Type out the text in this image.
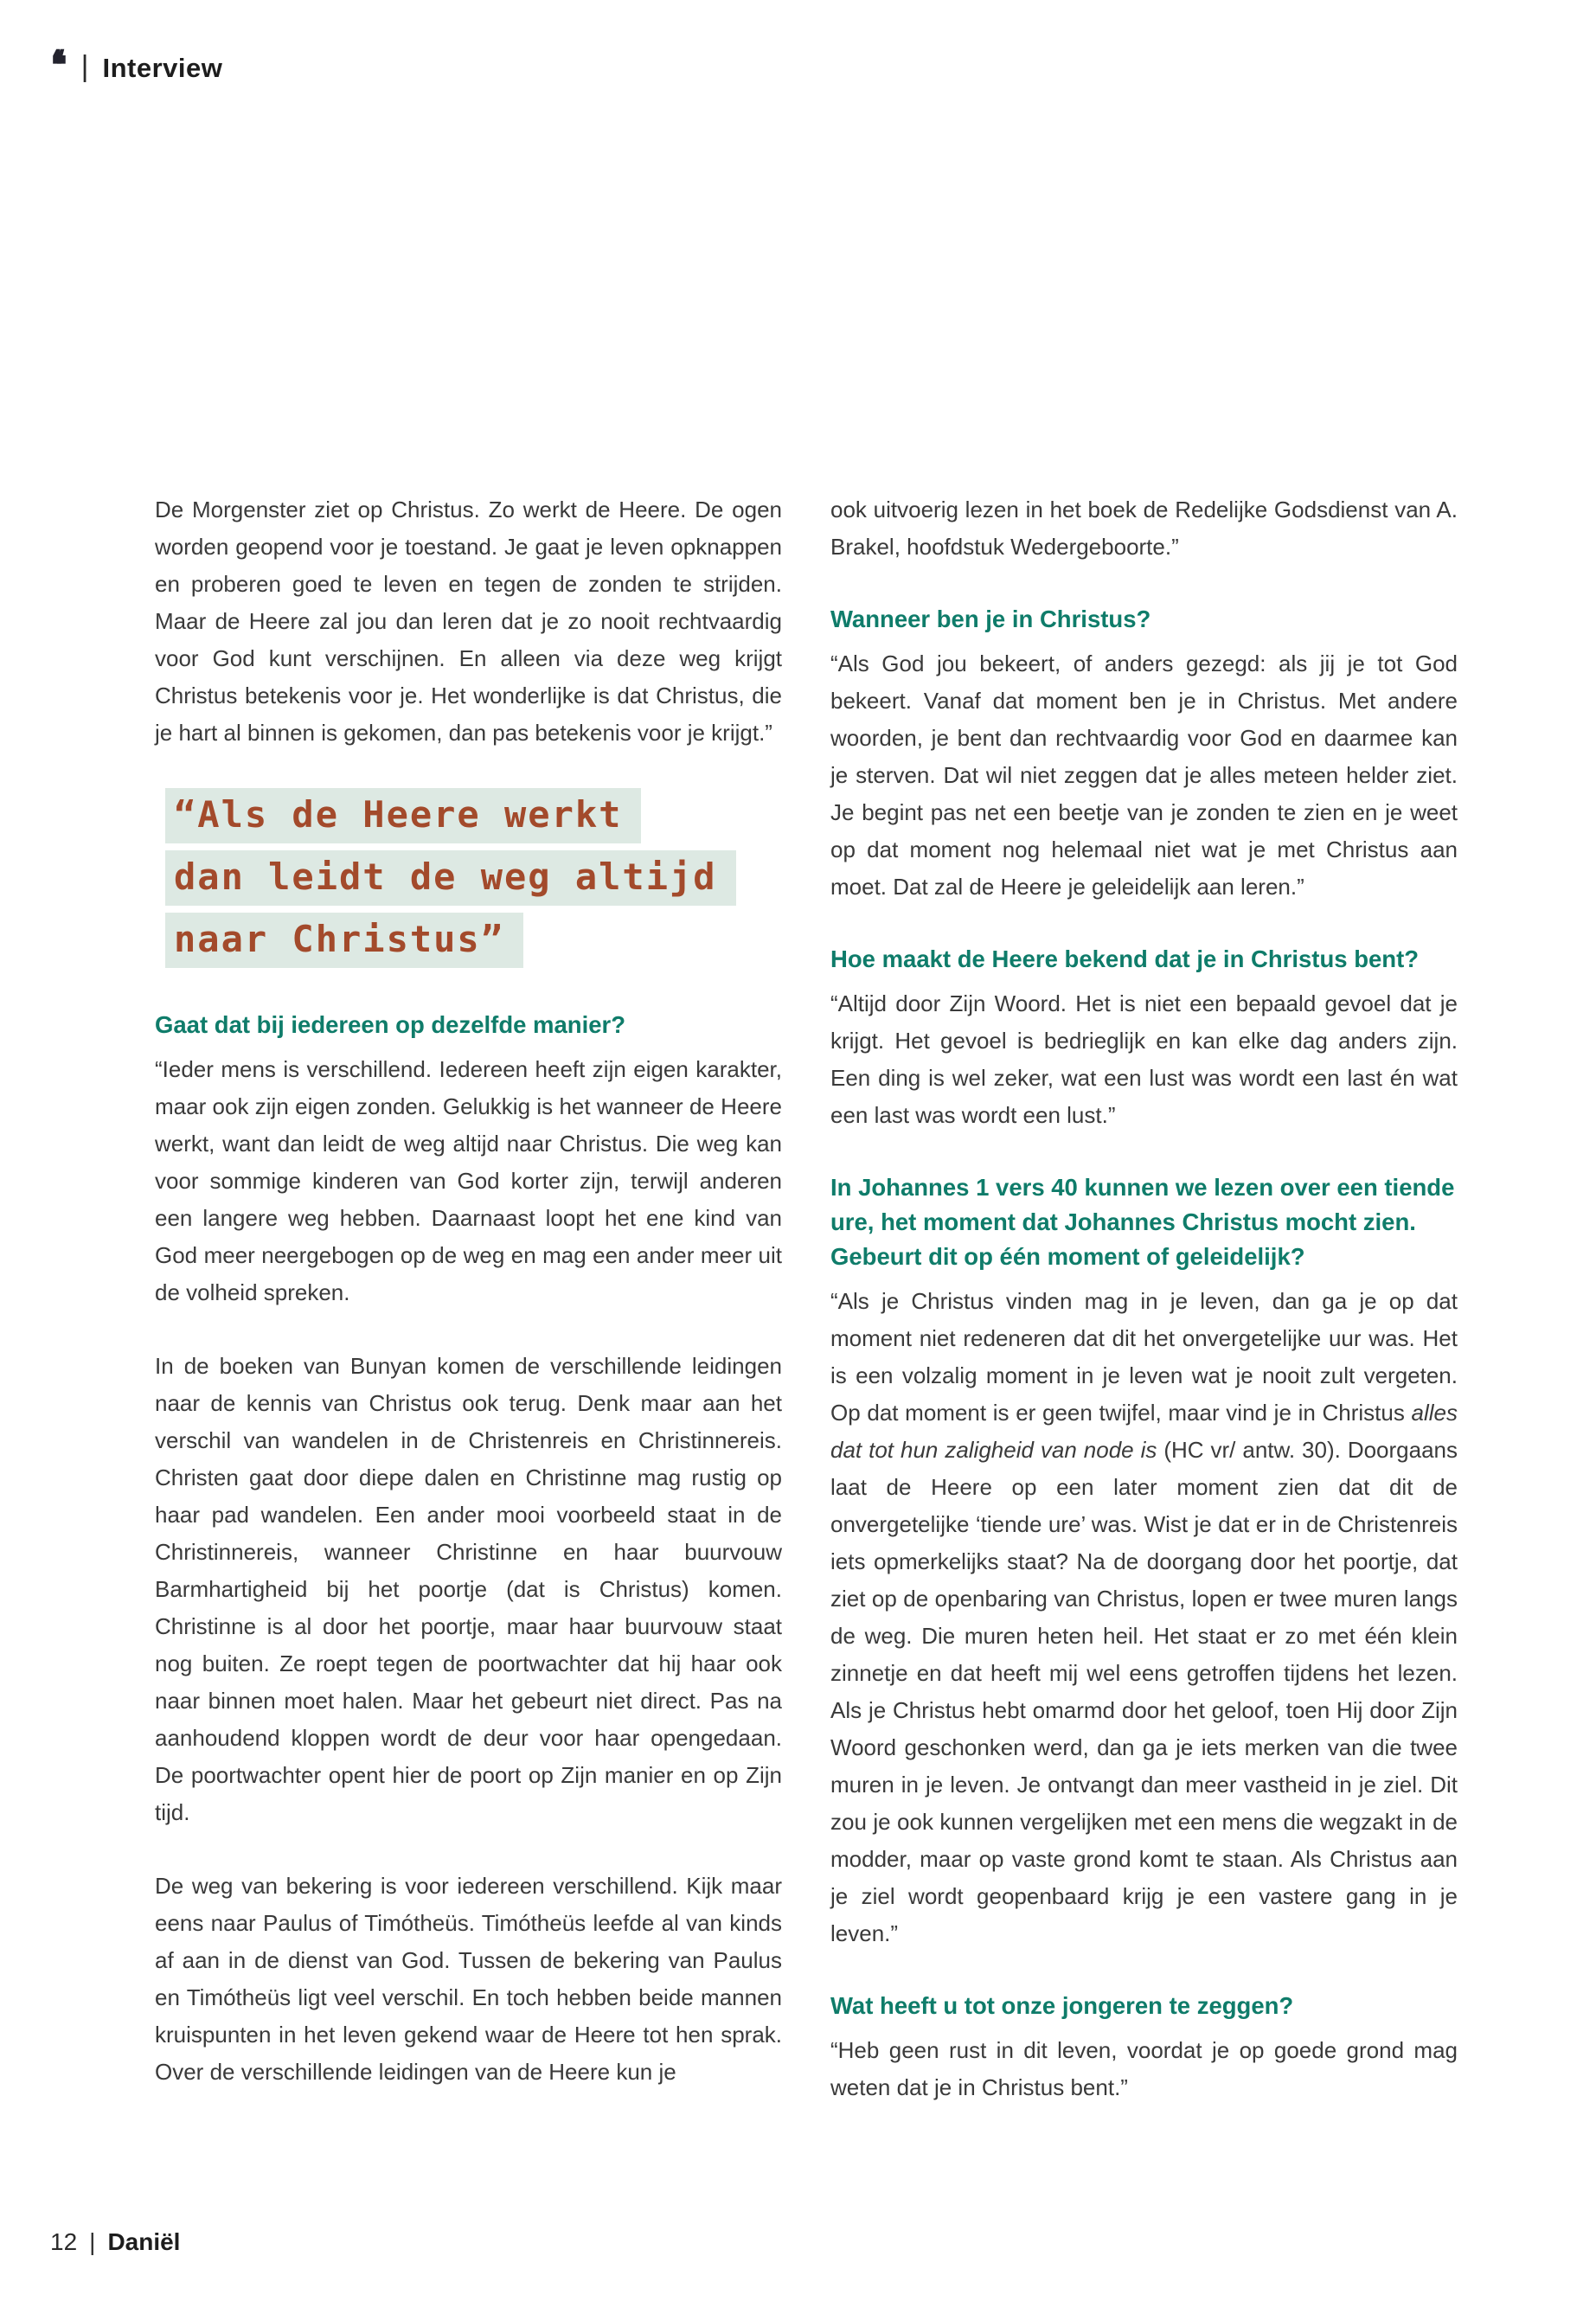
❛❛ | Interview

De Morgenster ziet op Christus. Zo werkt de Heere. De ogen worden geopend voor je toestand. Je gaat je leven opknappen en proberen goed te leven en tegen de zonden te strijden. Maar de Heere zal jou dan leren dat je zo nooit rechtvaardig voor God kunt verschijnen. En alleen via deze weg krijgt Christus betekenis voor je. Het wonderlijke is dat Christus, die je hart al binnen is gekomen, dan pas betekenis voor je krijgt.”

“Als de Heere werkt
dan leidt de weg altijd
naar Christus”
Gaat dat bij iedereen op dezelfde manier?

“Ieder mens is verschillend. Iedereen heeft zijn eigen karakter, maar ook zijn eigen zonden. Gelukkig is het wanneer de Heere werkt, want dan leidt de weg altijd naar Christus. Die weg kan voor sommige kinderen van God korter zijn, terwijl anderen een langere weg hebben. Daarnaast loopt het ene kind van God meer neergebogen op de weg en mag een ander meer uit de volheid spreken.

In de boeken van Bunyan komen de verschillende leidingen naar de kennis van Christus ook terug. Denk maar aan het verschil van wandelen in de Christenreis en Christinnereis. Christen gaat door diepe dalen en Christinne mag rustig op haar pad wandelen. Een ander mooi voorbeeld staat in de Christinnereis, wanneer Christinne en haar buurvouw Barmhartigheid bij het poortje (dat is Christus) komen. Christinne is al door het poortje, maar haar buurvouw staat nog buiten. Ze roept tegen de poortwachter dat hij haar ook naar binnen moet halen. Maar het gebeurt niet direct. Pas na aanhoudend kloppen wordt de deur voor haar opengedaan. De poortwachter opent hier de poort op Zijn manier en op Zijn tijd.

De weg van bekering is voor iedereen verschillend. Kijk maar eens naar Paulus of Timótheüs. Timótheüs leefde al van kinds af aan in de dienst van God. Tussen de bekering van Paulus en Timótheüs ligt veel verschil. En toch hebben beide mannen kruispunten in het leven gekend waar de Heere tot hen sprak. Over de verschillende leidingen van de Heere kun je

ook uitvoerig lezen in het boek de Redelijke Godsdienst van A. Brakel, hoofdstuk Wedergeboorte.”

Wanneer ben je in Christus?

“Als God jou bekeert, of anders gezegd: als jij je tot God bekeert. Vanaf dat moment ben je in Christus. Met andere woorden, je bent dan rechtvaardig voor God en daarmee kan je sterven. Dat wil niet zeggen dat je alles meteen helder ziet. Je begint pas net een beetje van je zonden te zien en je weet op dat moment nog helemaal niet wat je met Christus aan moet. Dat zal de Heere je geleidelijk aan leren.”

Hoe maakt de Heere bekend dat je in Christus bent?

“Altijd door Zijn Woord. Het is niet een bepaald gevoel dat je krijgt. Het gevoel is bedrieglijk en kan elke dag anders zijn. Een ding is wel zeker, wat een lust was wordt een last én wat een last was wordt een lust.”

In Johannes 1 vers 40 kunnen we lezen over een tiende ure, het moment dat Johannes Christus mocht zien. Gebeurt dit op één moment of geleidelijk?

“Als je Christus vinden mag in je leven, dan ga je op dat moment niet redeneren dat dit het onvergetelijke uur was. Het is een volzalig moment in je leven wat je nooit zult vergeten. Op dat moment is er geen twijfel, maar vind je in Christus alles dat tot hun zaligheid van node is (HC vr/ antw. 30). Doorgaans laat de Heere op een later moment zien dat dit de onvergetelijke ‘tiende ure’ was. Wist je dat er in de Christenreis iets opmerkelijks staat? Na de doorgang door het poortje, dat ziet op de openbaring van Christus, lopen er twee muren langs de weg. Die muren heten heil. Het staat er zo met één klein zinnetje en dat heeft mij wel eens getroffen tijdens het lezen. Als je Christus hebt omarmd door het geloof, toen Hij door Zijn Woord geschonken werd, dan ga je iets merken van die twee muren in je leven. Je ontvangt dan meer vastheid in je ziel. Dit zou je ook kunnen vergelijken met een mens die wegzakt in de modder, maar op vaste grond komt te staan. Als Christus aan je ziel wordt geopenbaard krijg je een vastere gang in je leven.”

Wat heeft u tot onze jongeren te zeggen?

“Heb geen rust in dit leven, voordat je op goede grond mag weten dat je in Christus bent.”

12 | Daniël
